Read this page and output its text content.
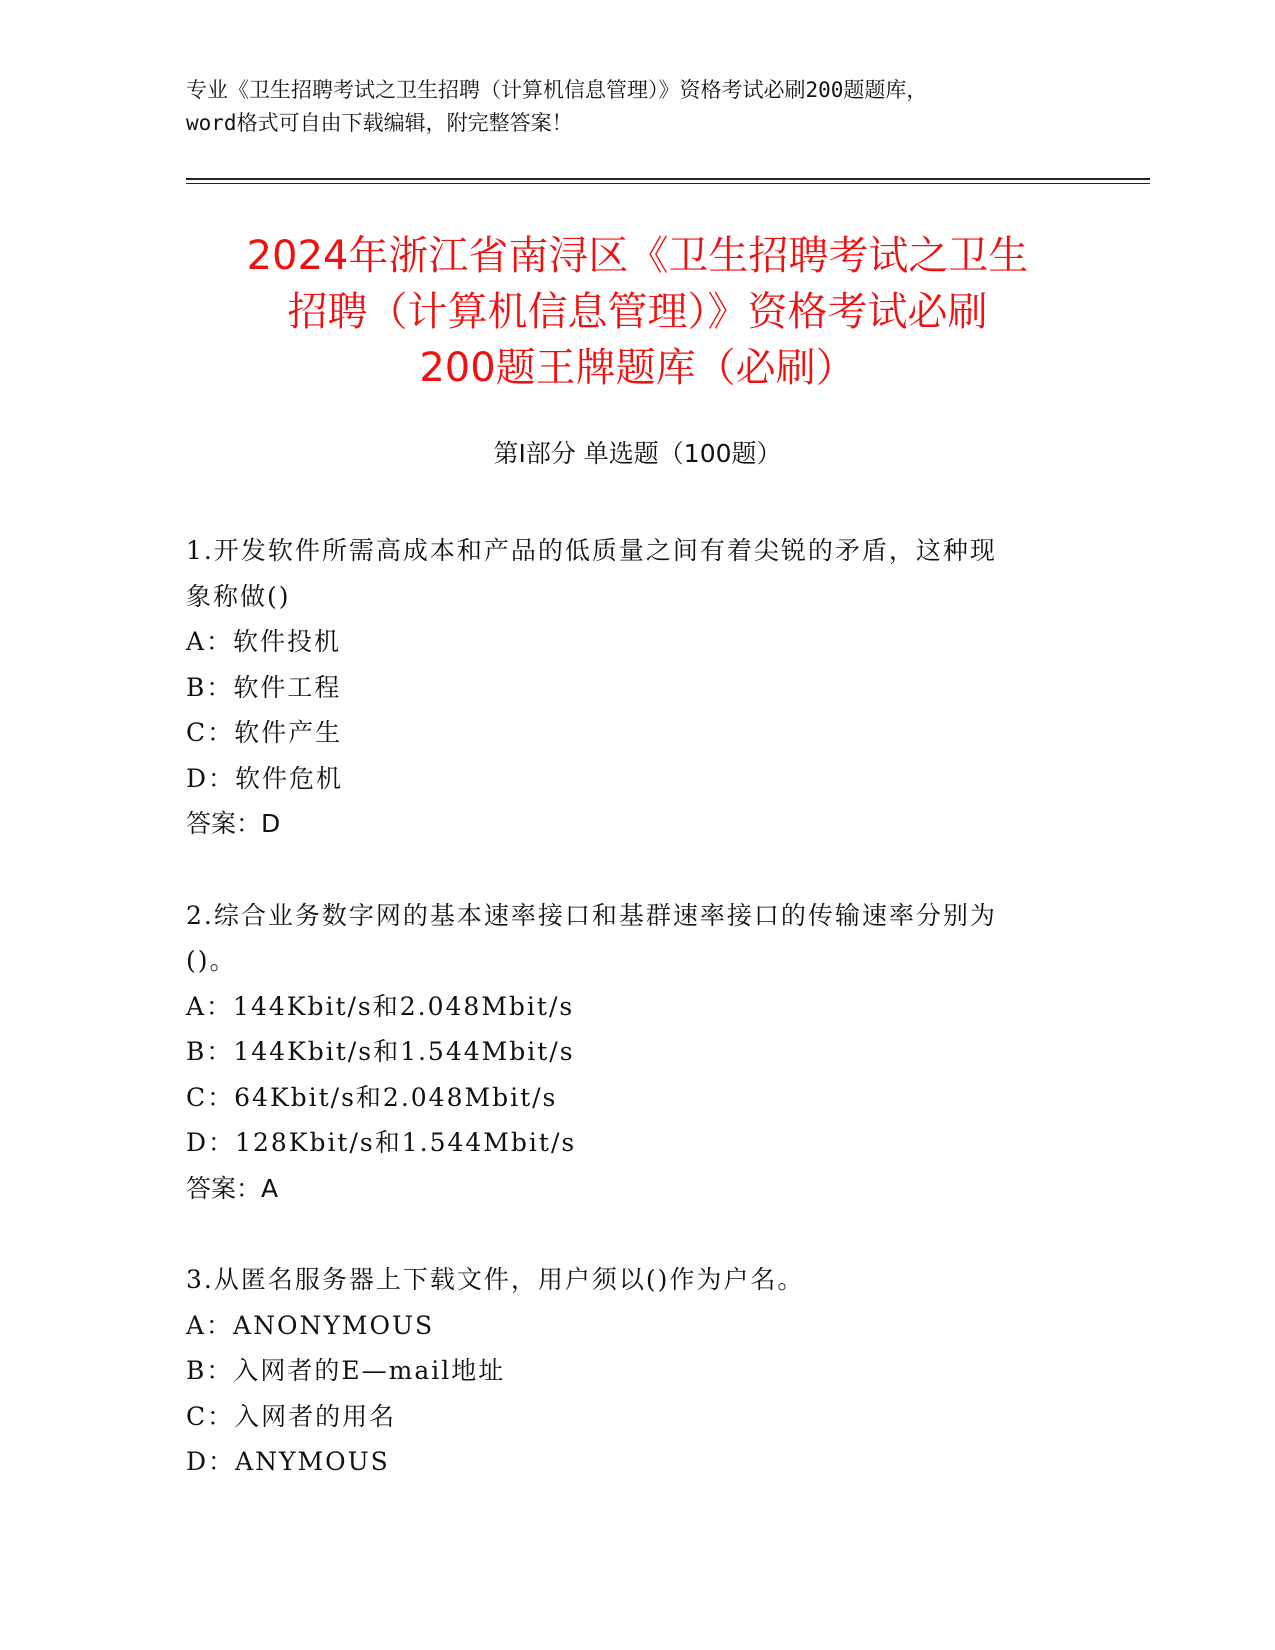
专业《卫生招聘考试之卫生招聘（计算机信息管理）》资格考试必刷200题题库，
word格式可自由下载编辑，附完整答案！
2024年浙江省南浔区《卫生招聘考试之卫生
招聘（计算机信息管理）》资格考试必刷
200题王牌题库（必刷）
第Ⅰ部分 单选题（100题）
1.开发软件所需高成本和产品的低质量之间有着尖锐的矛盾，这种现
象称做()
A：软件投机
B：软件工程
C：软件产生
D：软件危机
答案：D
2.综合业务数字网的基本速率接口和基群速率接口的传输速率分别为
()。
A：144Kbit/s和2.048Mbit/s
B：144Kbit/s和1.544Mbit/s
C：64Kbit/s和2.048Mbit/s
D：128Kbit/s和1.544Mbit/s
答案：A
3.从匿名服务器上下载文件，用户须以()作为户名。
A：ANONYMOUS
B：入网者的E—mail地址
C：入网者的用名
D：ANYMOUS
